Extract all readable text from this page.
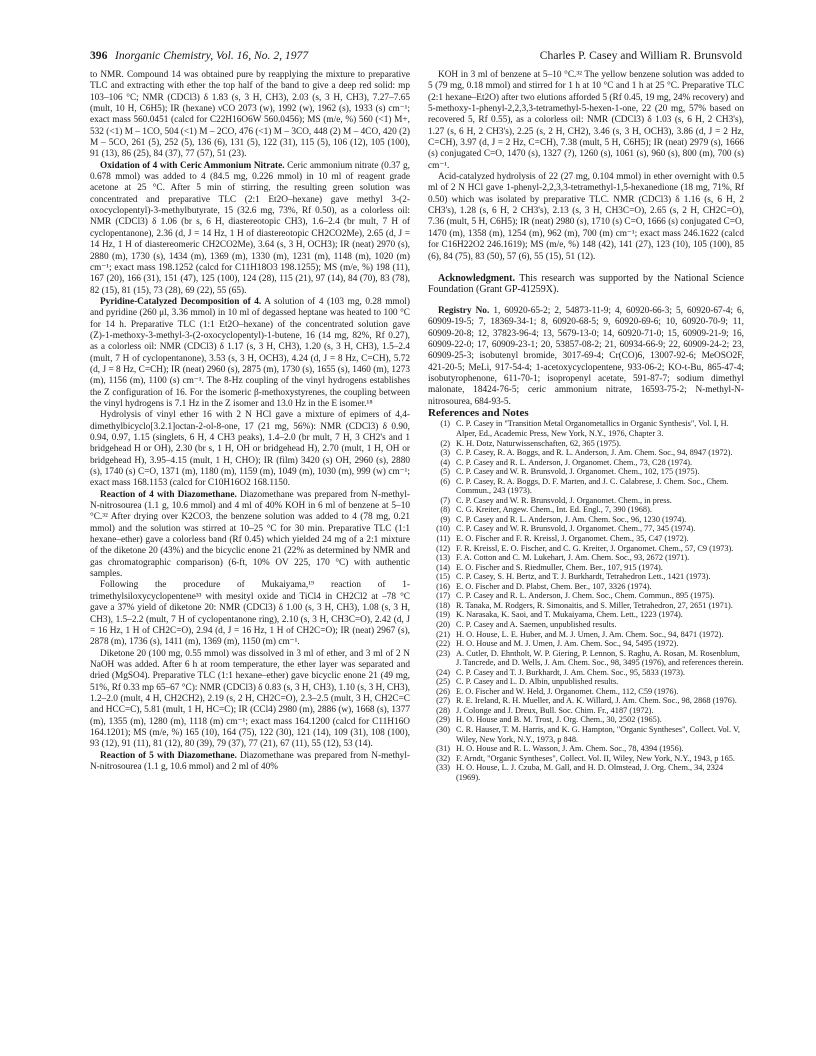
396 Inorganic Chemistry, Vol. 16, No. 2, 1977	Charles P. Casey and William R. Brunsvold

to NMR. Compound 14 was obtained pure by reapplying the mixture to preparative TLC and extracting with ether the top half of the band to give a deep red solid: mp 103–106 °C; NMR (CDCl3) δ 1.83 (s, 3 H, CH3), 2.03 (s, 3 H, CH3), 7.27–7.65 (mult, 10 H, C6H5); IR (hexane) νCO 2073 (w), 1992 (w), 1962 (s), 1933 (s) cm⁻¹; exact mass 560.0451 (calcd for C22H16O6W 560.0456); MS (m/e, %) 560 (<1) M+, 532 (<1) M – 1CO, 504 (<1) M – 2CO, 476 (<1) M – 3CO, 448 (2) M – 4CO, 420 (2) M – 5CO, 261 (5), 252 (5), 136 (6), 131 (5), 122 (31), 115 (5), 106 (12), 105 (100), 91 (13), 86 (25), 84 (37), 77 (57), 51 (23).

Oxidation of 4 with Ceric Ammonium Nitrate. Ceric ammonium nitrate (0.37 g, 0.678 mmol) was added to 4 (84.5 mg, 0.226 mmol) in 10 ml of reagent grade acetone at 25 °C. After 5 min of stirring, the resulting green solution was concentrated and preparative TLC (2:1 Et2O–hexane) gave methyl 3-(2-oxocyclopentyl)-3-methylbutyrate, 15 (32.6 mg, 73%, Rf 0.50), as a colorless oil: NMR (CDCl3) δ 1.06 (br s, 6 H, diastereotopic CH3), 1.6–2.4 (br mult, 7 H of cyclopentanone), 2.36 (d, J = 14 Hz, 1 H of diastereotopic CH2CO2Me), 2.65 (d, J = 14 Hz, 1 H of diastereomeric CH2CO2Me), 3.64 (s, 3 H, OCH3); IR (neat) 2970 (s), 2880 (m), 1730 (s), 1434 (m), 1369 (m), 1330 (m), 1231 (m), 1148 (m), 1020 (m) cm⁻¹; exact mass 198.1252 (calcd for C11H18O3 198.1255); MS (m/e, %) 198 (11), 167 (20), 166 (31), 151 (47), 125 (100), 124 (28), 115 (21), 97 (14), 84 (70), 83 (78), 82 (15), 81 (15), 73 (28), 69 (22), 55 (65).

Pyridine-Catalyzed Decomposition of 4. A solution of 4 (103 mg, 0.28 mmol) and pyridine (260 μl, 3.36 mmol) in 10 ml of degassed heptane was heated to 100 °C for 14 h. Preparative TLC (1:1 Et2O–hexane) of the concentrated solution gave (Z)-1-methoxy-3-methyl-3-(2-oxocyclopentyl)-1-butene, 16 (14 mg, 82%, Rf 0.27), as a colorless oil: NMR (CDCl3) δ 1.17 (s, 3 H, CH3), 1.20 (s, 3 H, CH3), 1.5–2.4 (mult, 7 H of cyclopentanone), 3.53 (s, 3 H, OCH3), 4.24 (d, J = 8 Hz, C=CH), 5.72 (d, J = 8 Hz, C=CH); IR (neat) 2960 (s), 2875 (m), 1730 (s), 1655 (s), 1460 (m), 1273 (m), 1156 (m), 1100 (s) cm⁻¹. The 8-Hz coupling of the vinyl hydrogens establishes the Z configuration of 16. For the isomeric β-methoxystyrenes, the coupling between the vinyl hydrogens is 7.1 Hz in the Z isomer and 13.0 Hz in the E isomer.¹⁸

Hydrolysis of vinyl ether 16 with 2 N HCl gave a mixture of epimers of 4,4-dimethylbicyclo[3.2.1]octan-2-ol-8-one, 17 (21 mg, 56%): NMR (CDCl3) δ 0.90, 0.94, 0.97, 1.15 (singlets, 6 H, 4 CH3 peaks), 1.4–2.0 (br mult, 7 H, 3 CH2's and 1 bridgehead H or OH), 2.30 (br s, 1 H, OH or bridgehead H), 2.70 (mult, 1 H, OH or bridgehead H), 3.95–4.15 (mult, 1 H, CHO); IR (film) 3420 (s) OH, 2960 (s), 2880 (s), 1740 (s) C=O, 1371 (m), 1180 (m), 1159 (m), 1049 (m), 1030 (m), 999 (w) cm⁻¹; exact mass 168.1153 (calcd for C10H16O2 168.1150.

Reaction of 4 with Diazomethane. Diazomethane was prepared from N-methyl-N-nitrosourea (1.1 g, 10.6 mmol) and 4 ml of 40% KOH in 6 ml of benzene at 5–10 °C.³² After drying over K2CO3, the benzene solution was added to 4 (78 mg, 0.21 mmol) and the solution was stirred at 10–25 °C for 30 min. Preparative TLC (1:1 hexane–ether) gave a colorless band (Rf 0.45) which yielded 24 mg of a 2:1 mixture of the diketone 20 (43%) and the bicyclic enone 21 (22% as determined by NMR and gas chromatographic comparison) (6-ft, 10% OV 225, 170 °C) with authentic samples.

Following the procedure of Mukaiyama,¹⁹ reaction of 1-trimethylsiloxycyclopentene³³ with mesityl oxide and TiCl4 in CH2Cl2 at –78 °C gave a 37% yield of diketone 20: NMR (CDCl3) δ 1.00 (s, 3 H, CH3), 1.08 (s, 3 H, CH3), 1.5–2.2 (mult, 7 H of cyclopentanone ring), 2.10 (s, 3 H, CH3C=O), 2.42 (d, J = 16 Hz, 1 H of CH2C=O), 2.94 (d, J = 16 Hz, 1 H of CH2C=O); IR (neat) 2967 (s), 2878 (m), 1736 (s), 1411 (m), 1369 (m), 1150 (m) cm⁻¹.

Diketone 20 (100 mg, 0.55 mmol) was dissolved in 3 ml of ether, and 3 ml of 2 N NaOH was added. After 6 h at room temperature, the ether layer was separated and dried (MgSO4). Preparative TLC (1:1 hexane–ether) gave bicyclic enone 21 (49 mg, 51%, Rf 0.33 mp 65–67 °C): NMR (CDCl3) δ 0.83 (s, 3 H, CH3), 1.10 (s, 3 H, CH3), 1.2–2.0 (mult, 4 H, CH2CH2), 2.19 (s, 2 H, CH2C=O), 2.3–2.5 (mult, 3 H, CH2C=C and HCC=C), 5.81 (mult, 1 H, HC=C); IR (CCl4) 2980 (m), 2886 (w), 1668 (s), 1377 (m), 1355 (m), 1280 (m), 1118 (m) cm⁻¹; exact mass 164.1200 (calcd for C11H16O 164.1201); MS (m/e, %) 165 (10), 164 (75), 122 (30), 121 (14), 109 (31), 108 (100), 93 (12), 91 (11), 81 (12), 80 (39), 79 (37), 77 (21), 67 (11), 55 (12), 53 (14).

Reaction of 5 with Diazomethane. Diazomethane was prepared from N-methyl-N-nitrosourea (1.1 g, 10.6 mmol) and 2 ml of 40%

KOH in 3 ml of benzene at 5–10 °C.³² The yellow benzene solution was added to 5 (79 mg, 0.18 mmol) and stirred for 1 h at 10 °C and 1 h at 25 °C. Preparative TLC (2:1 hexane–Et2O) after two elutions afforded 5 (Rf 0.45, 19 mg, 24% recovery) and 5-methoxy-1-phenyl-2,2,3,3-tetramethyl-5-hexen-1-one, 22 (20 mg, 57% based on recovered 5, Rf 0.55), as a colorless oil: NMR (CDCl3) δ 1.03 (s, 6 H, 2 CH3's), 1.27 (s, 6 H, 2 CH3's), 2.25 (s, 2 H, CH2), 3.46 (s, 3 H, OCH3), 3.86 (d, J = 2 Hz, C=CH), 3.97 (d, J = 2 Hz, C=CH), 7.38 (mult, 5 H, C6H5); IR (neat) 2979 (s), 1666 (s) conjugated C=O, 1470 (s), 1327 (?), 1260 (s), 1061 (s), 960 (s), 800 (m), 700 (s) cm⁻¹.

Acid-catalyzed hydrolysis of 22 (27 mg, 0.104 mmol) in ether overnight with 0.5 ml of 2 N HCl gave 1-phenyl-2,2,3,3-tetramethyl-1,5-hexanedione (18 mg, 71%, Rf 0.50) which was isolated by preparative TLC. NMR (CDCl3) δ 1.16 (s, 6 H, 2 CH3's), 1.28 (s, 6 H, 2 CH3's), 2.13 (s, 3 H, CH3C=O), 2.65 (s, 2 H, CH2C=O), 7.36 (mult, 5 H, C6H5); IR (neat) 2980 (s), 1710 (s) C=O, 1666 (s) conjugated C=O, 1470 (m), 1358 (m), 1254 (m), 962 (m), 700 (m) cm⁻¹; exact mass 246.1622 (calcd for C16H22O2 246.1619); MS (m/e, %) 148 (42), 141 (27), 123 (10), 105 (100), 85 (6), 84 (75), 83 (50), 57 (6), 55 (15), 51 (12).

Acknowledgment. This research was supported by the National Science Foundation (Grant GP-41259X).

Registry No. 1, 60920-65-2; 2, 54873-11-9; 4, 60920-66-3; 5, 60920-67-4; 6, 60909-19-5; 7, 18369-34-1; 8, 60920-68-5; 9, 60920-69-6; 10, 60920-70-9; 11, 60909-20-8; 12, 37823-96-4; 13, 5679-13-0; 14, 60920-71-0; 15, 60909-21-9; 16, 60909-22-0; 17, 60909-23-1; 20, 53857-08-2; 21, 60934-66-9; 22, 60909-24-2; 23, 60909-25-3; isobutenyl bromide, 3017-69-4; Cr(CO)6, 13007-92-6; MeOSO2F, 421-20-5; MeLi, 917-54-4; 1-acetoxycyclopentene, 933-06-2; KO-t-Bu, 865-47-4; isobutyrophenone, 611-70-1; isopropenyl acetate, 591-87-7; sodium dimethyl malonate, 18424-76-5; ceric ammonium nitrate, 16593-75-2; N-methyl-N-nitrosourea, 684-93-5.

References and Notes

(1) C. P. Casey in "Transition Metal Organometallics in Organic Synthesis", Vol. I, H. Alper, Ed., Academic Press, New York, N.Y., 1976, Chapter 3.
(2) K. H. Dotz, Naturwissenschaften, 62, 365 (1975).
(3) C. P. Casey, R. A. Boggs, and R. L. Anderson, J. Am. Chem. Soc., 94, 8947 (1972).
(4) C. P. Casey and R. L. Anderson, J. Organomet. Chem., 73, C28 (1974).
(5) C. P. Casey and W. R. Brunsvold, J. Organomet. Chem., 102, 175 (1975).
(6) C. P. Casey, R. A. Boggs, D. F. Marten, and J. C. Calabrese, J. Chem. Soc., Chem. Commun., 243 (1973).
(7) C. P. Casey and W. R. Brunsvold, J. Organomet. Chem., in press.
(8) C. G. Kreiter, Angew. Chem., Int. Ed. Engl., 7, 390 (1968).
(9) C. P. Casey and R. L. Anderson, J. Am. Chem. Soc., 96, 1230 (1974).
(10) C. P. Casey and W. R. Brunsvold, J. Organomet. Chem., 77, 345 (1974).
(11) E. O. Fischer and F. R. Kreissl, J. Organomet. Chem., 35, C47 (1972).
(12) F. R. Kreissl, E. O. Fischer, and C. G. Kreiter, J. Organomet. Chem., 57, C9 (1973).
(13) F. A. Cotton and C. M. Lukehart, J. Am. Chem. Soc., 93, 2672 (1971).
(14) E. O. Fischer and S. Riedmuller, Chem. Ber., 107, 915 (1974).
(15) C. P. Casey, S. H. Bertz, and T. J. Burkhardt, Tetrahedron Lett., 1421 (1973).
(16) E. O. Fischer and D. Plabst, Chem. Ber., 107, 3326 (1974).
(17) C. P. Casey and R. L. Anderson, J. Chem. Soc., Chem. Commun., 895 (1975).
(18) R. Tanaka, M. Rodgers, R. Simonaitis, and S. Miller, Tetrahedron, 27, 2651 (1971).
(19) K. Narasaka, K. Saoi, and T. Mukaiyama, Chem. Lett., 1223 (1974).
(20) C. P. Casey and A. Saemen, unpublished results.
(21) H. O. House, L. E. Huber, and M. J. Umen, J. Am. Chem. Soc., 94, 8471 (1972).
(22) H. O. House and M. J. Umen, J. Am. Chem. Soc., 94, 5495 (1972).
(23) A. Cutler, D. Ehntholt, W. P. Giering, P. Lennon, S. Raghu, A. Rosan, M. Rosenblum, J. Tancrede, and D. Wells, J. Am. Chem. Soc., 98, 3495 (1976), and references therein.
(24) C. P. Casey and T. J. Burkhardt, J. Am. Chem. Soc., 95, 5833 (1973).
(25) C. P. Casey and L. D. Albin, unpublished results.
(26) E. O. Fischer and W. Held, J. Organomet. Chem., 112, C59 (1976).
(27) R. E. Ireland, R. H. Mueller, and A. K. Willard, J. Am. Chem. Soc., 98, 2868 (1976).
(28) J. Colonge and J. Dreux, Bull. Soc. Chim. Fr., 4187 (1972).
(29) H. O. House and B. M. Trost, J. Org. Chem., 30, 2502 (1965).
(30) C. R. Hauser, T. M. Harris, and K. G. Hampton, "Organic Syntheses", Collect. Vol. V, Wiley, New York, N.Y., 1973, p 848.
(31) H. O. House and R. L. Wasson, J. Am. Chem. Soc., 78, 4394 (1956).
(32) F. Arndt, "Organic Syntheses", Collect. Vol. II, Wiley, New York, N.Y., 1943, p 165.
(33) H. O. House, L. J. Czuba, M. Gall, and H. D. Olmstead, J. Org. Chem., 34, 2324 (1969).
